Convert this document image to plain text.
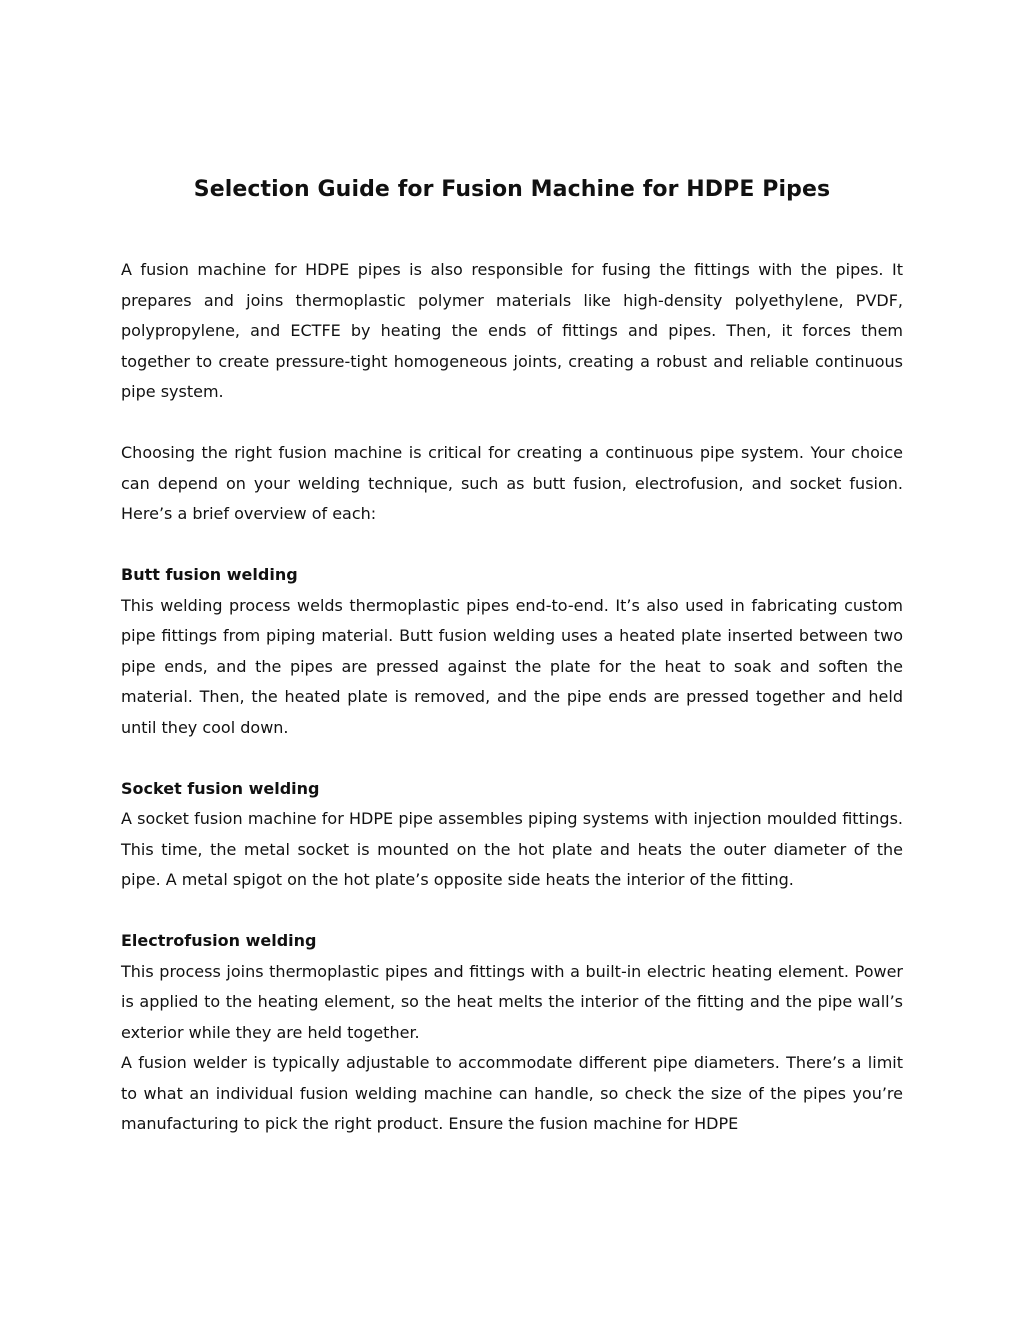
Selection Guide for Fusion Machine for HDPE Pipes

A fusion machine for HDPE pipes is also responsible for fusing the fittings with the pipes. It prepares and joins thermoplastic polymer materials like high-density polyethylene, PVDF, polypropylene, and ECTFE by heating the ends of fittings and pipes. Then, it forces them together to create pressure-tight homogeneous joints, creating a robust and reliable continuous pipe system.

Choosing the right fusion machine is critical for creating a continuous pipe system. Your choice can depend on your welding technique, such as butt fusion, electrofusion, and socket fusion. Here’s a brief overview of each:

Butt fusion welding

This welding process welds thermoplastic pipes end-to-end. It’s also used in fabricating custom pipe fittings from piping material. Butt fusion welding uses a heated plate inserted between two pipe ends, and the pipes are pressed against the plate for the heat to soak and soften the material. Then, the heated plate is removed, and the pipe ends are pressed together and held until they cool down.

Socket fusion welding

A socket fusion machine for HDPE pipe assembles piping systems with injection moulded fittings. This time, the metal socket is mounted on the hot plate and heats the outer diameter of the pipe. A metal spigot on the hot plate’s opposite side heats the interior of the fitting.

Electrofusion welding

This process joins thermoplastic pipes and fittings with a built-in electric heating element. Power is applied to the heating element, so the heat melts the interior of the fitting and the pipe wall’s exterior while they are held together.

A fusion welder is typically adjustable to accommodate different pipe diameters. There’s a limit to what an individual fusion welding machine can handle, so check the size of the pipes you’re manufacturing to pick the right product. Ensure the fusion machine for HDPE
